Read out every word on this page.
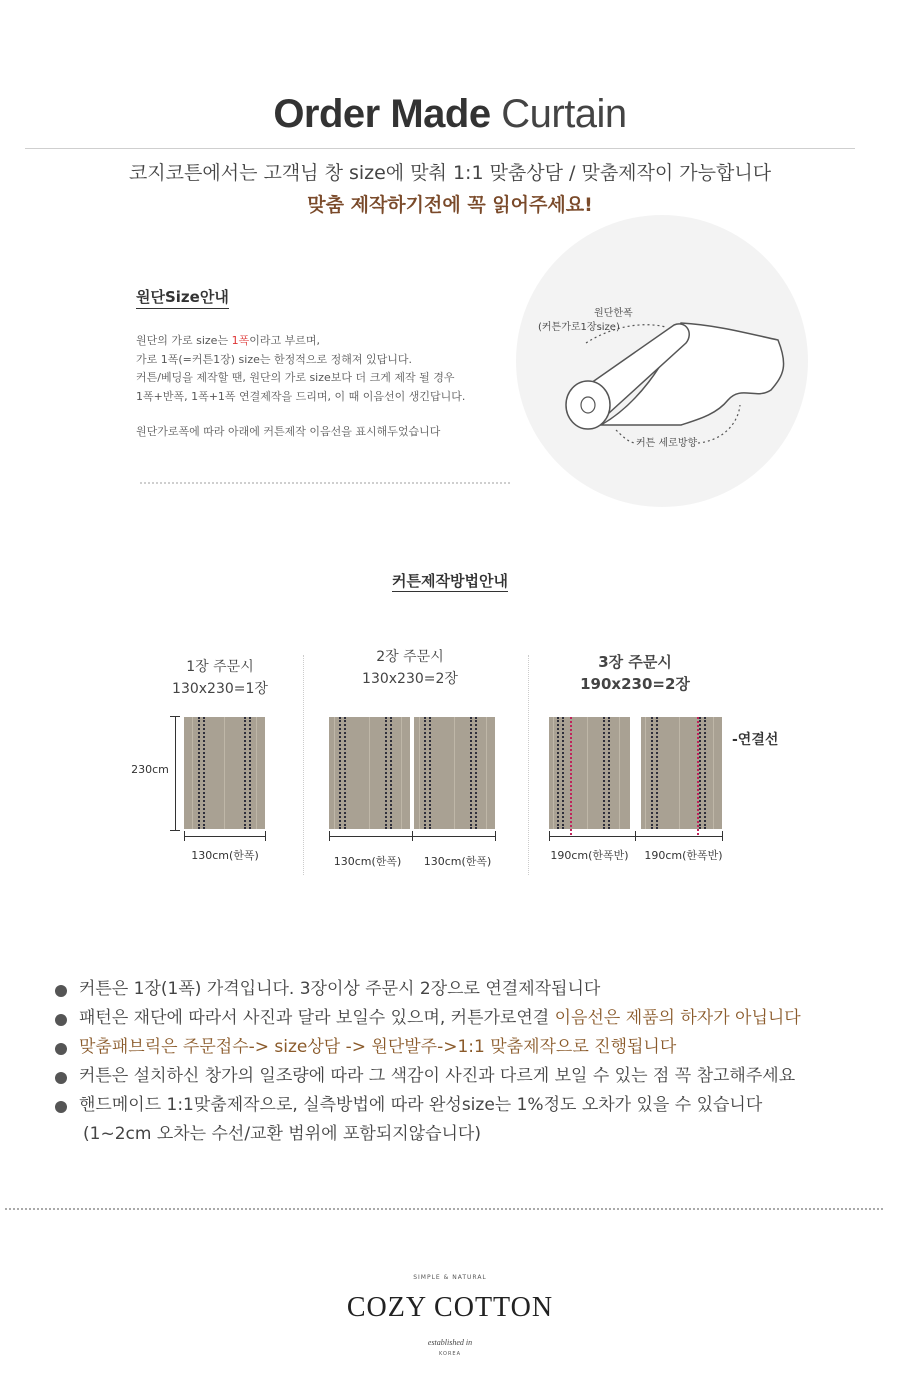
Order Made Curtain
코지코튼에서는 고객님 창 size에 맞춰 1:1 맞춤상담 / 맞춤제작이 가능합니다
맞춤 제작하기전에 꼭 읽어주세요!
원단Size안내

원단의 가로 size는 1폭이라고 부르며,

가로 1폭(=커튼1장) size는 한정적으로 정해져 있답니다.

커튼/베딩을 제작할 땐, 원단의 가로 size보다 더 크게 제작 될 경우

1폭+반폭, 1폭+1폭 연결제작을 드리며, 이 때 이음선이 생긴답니다.

원단가로폭에 따라 아래에 커튼제작 이음선을 표시해두었습니다

원단한폭
(커튼가로1장size)
커튼 세로방향
커튼제작방법안내
1장 주문시
130x230=1장
2장 주문시
130x230=2장
3장 주문시
190x230=2장
230cm
130cm(한폭)	130cm(한폭)	130cm(한폭)	190cm(한폭반)	190cm(한폭반)
-연결선
커튼은 1장(1폭) 가격입니다. 3장이상 주문시 2장으로 연결제작됩니다
패턴은 재단에 따라서 사진과 달라 보일수 있으며, 커튼가로연결 이음선은 제품의 하자가 아닙니다
맞춤패브릭은 주문접수-> size상담 -> 원단발주->1:1 맞춤제작으로 진행됩니다
커튼은 설치하신 창가의 일조량에 따라 그 색감이 사진과 다르게 보일 수 있는 점 꼭 참고해주세요
핸드메이드 1:1맞춤제작으로, 실측방법에 따라 완성size는 1%정도 오차가 있을 수 있습니다
(1~2cm 오차는 수선/교환 범위에 포함되지않습니다)
SIMPLE & NATURAL
COZY COTTON
established in
KOREA
